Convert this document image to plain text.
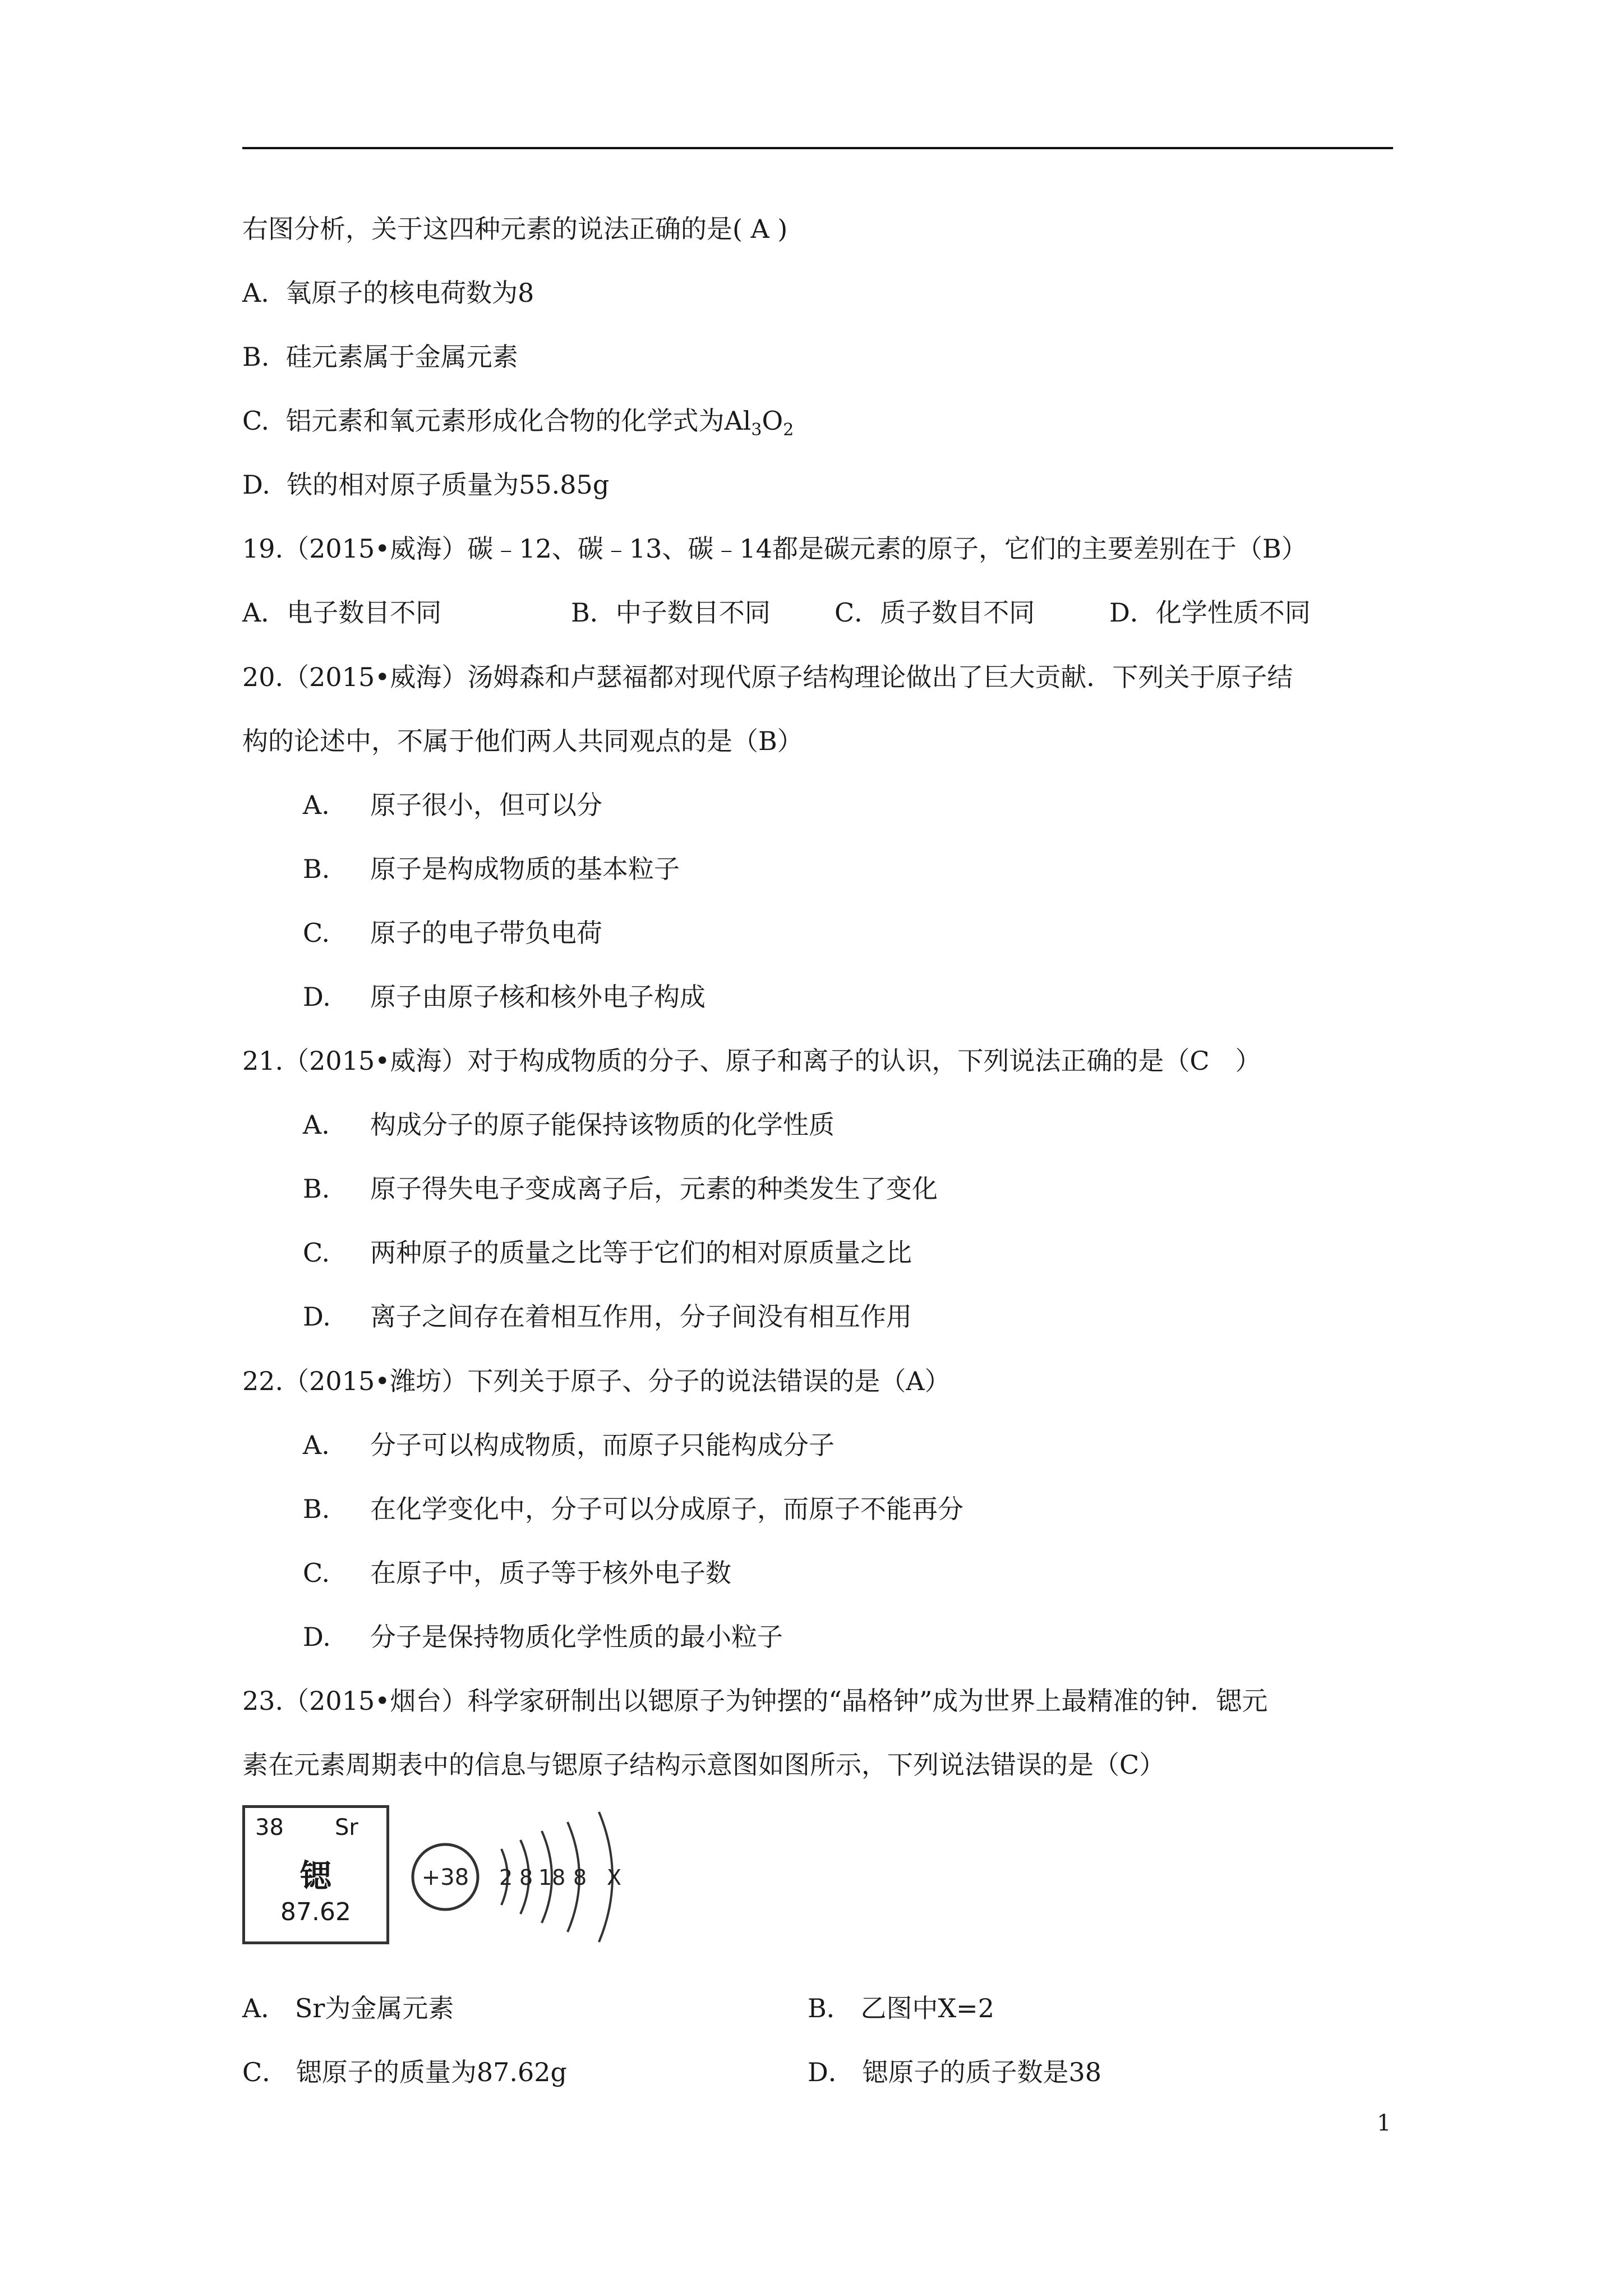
右图分析，关于这四种元素的说法正确的是( A )
A. 氧原子的核电荷数为8
B. 硅元素属于金属元素
C. 铝元素和氧元素形成化合物的化学式为$Al_3O_2$
D. 铁的相对原子质量为55.85g
19.（2015•威海）碳﹣12、碳﹣13、碳﹣14都是碳元素的原子，它们的主要差别在于（B）
A．电子数目不同	B．中子数目不同 C．质子数目不同	D．化学性质不同
20.（2015•威海）汤姆森和卢瑟福都对现代原子结构理论做出了巨大贡献．下列关于原子结
构的论述中，不属于他们两人共同观点的是（B）
A. 原子很小，但可以分
B. 原子是构成物质的基本粒子
C. 原子的电子带负电荷
D. 原子由原子核和核外电子构成
21.（2015•威海）对于构成物质的分子、原子和离子的认识，下列说法正确的是（C　）
A. 构成分子的原子能保持该物质的化学性质
B. 原子得失电子变成离子后，元素的种类发生了变化
C. 两种原子的质量之比等于它们的相对原质量之比
D. 离子之间存在着相互作用，分子间没有相互作用
22.（2015•潍坊）下列关于原子、分子的说法错误的是（A）
A. 分子可以构成物质，而原子只能构成分子
B. 在化学变化中，分子可以分成原子，而原子不能再分
C. 在原子中，质子等于核外电子数
D. 分子是保持物质化学性质的最小粒子
23.（2015•烟台）科学家研制出以锶原子为钟摆的“晶格钟”成为世界上最精准的钟．锶元
素在元素周期表中的信息与锶原子结构示意图如图所示，下列说法错误的是（C）
38 Sr
锶
87.62
+38 2 8 18 8 X
A． Sr为金属元素	B． 乙图中X=2
C． 锶原子的质量为87.62g	D． 锶原子的质子数是38
1
